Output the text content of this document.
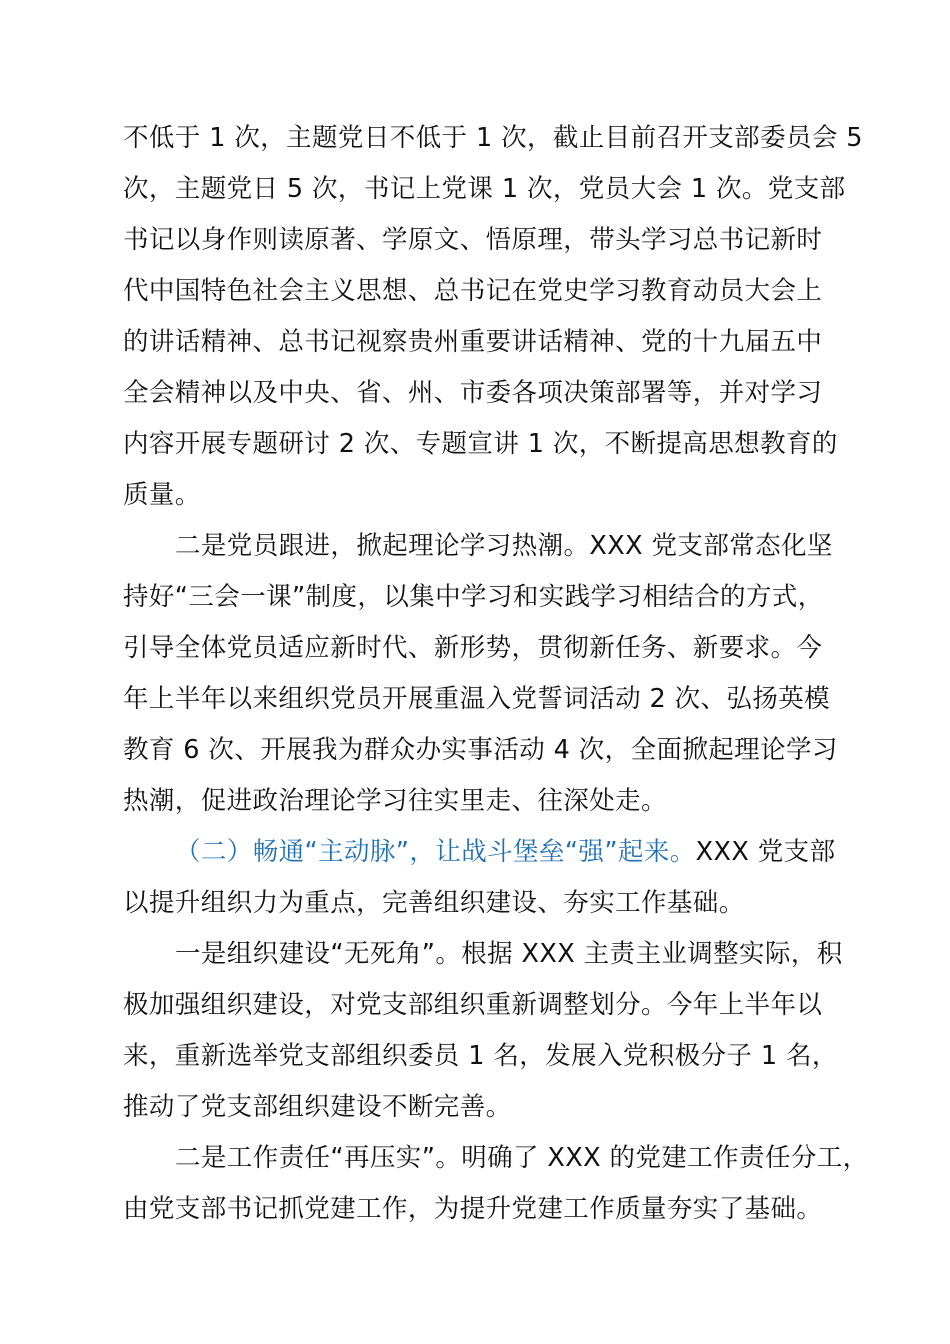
不低于 1 次，主题党日不低于 1 次，截止目前召开支部委员会 5
次，主题党日 5 次，书记上党课 1 次，党员大会 1 次。党支部
书记以身作则读原著、学原文、悟原理，带头学习总书记新时
代中国特色社会主义思想、总书记在党史学习教育动员大会上
的讲话精神、总书记视察贵州重要讲话精神、党的十九届五中
全会精神以及中央、省、州、市委各项决策部署等，并对学习
内容开展专题研讨 2 次、专题宣讲 1 次，不断提高思想教育的
质量。
二是党员跟进，掀起理论学习热潮。XXX 党支部常态化坚
持好“三会一课”制度，以集中学习和实践学习相结合的方式，
引导全体党员适应新时代、新形势，贯彻新任务、新要求。今
年上半年以来组织党员开展重温入党誓词活动 2 次、弘扬英模
教育 6 次、开展我为群众办实事活动 4 次，全面掀起理论学习
热潮，促进政治理论学习往实里走、往深处走。
（二）畅通“主动脉”，让战斗堡垒“强”起来。XXX 党支部
以提升组织力为重点，完善组织建设、夯实工作基础。
一是组织建设“无死角”。根据 XXX 主责主业调整实际，积
极加强组织建设，对党支部组织重新调整划分。今年上半年以
来，重新选举党支部组织委员 1 名，发展入党积极分子 1 名，
推动了党支部组织建设不断完善。
二是工作责任“再压实”。明确了 XXX 的党建工作责任分工，
由党支部书记抓党建工作，为提升党建工作质量夯实了基础。
